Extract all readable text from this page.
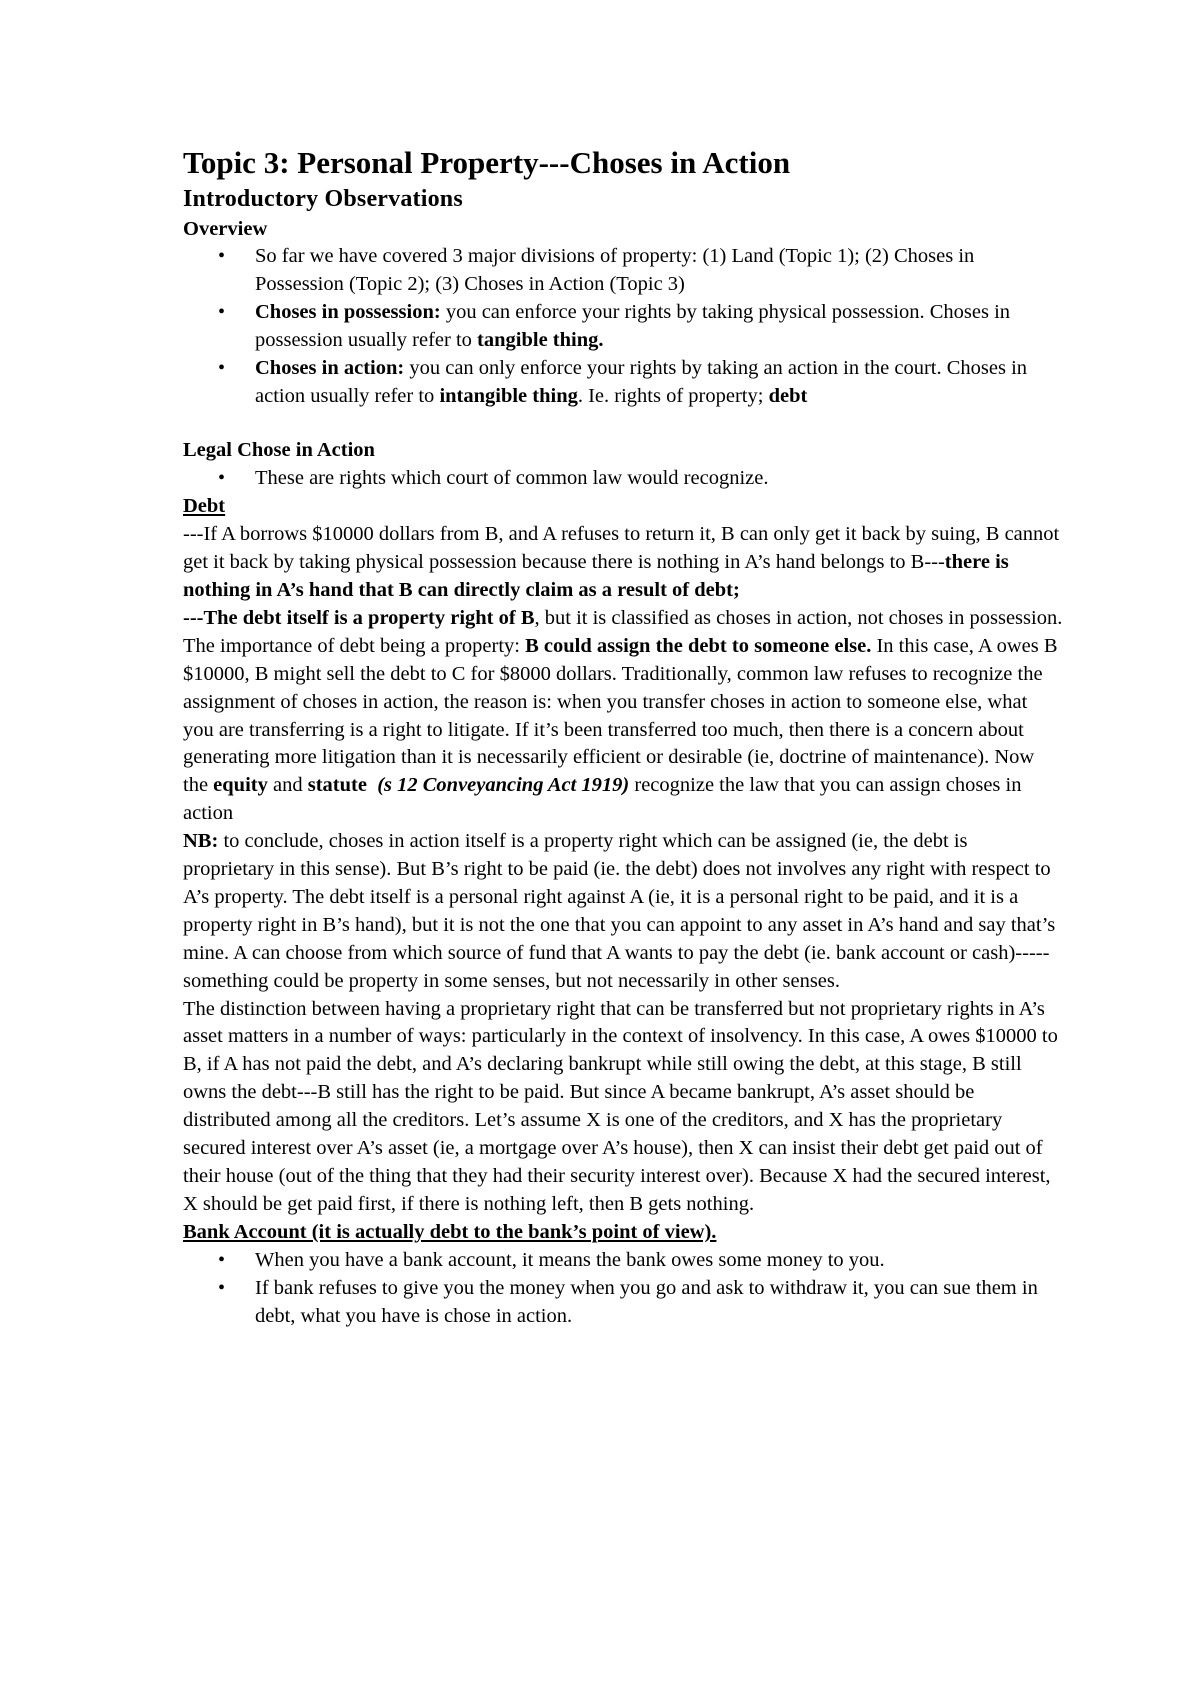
Topic 3: Personal Property---Choses in Action
Introductory Observations
Overview
• So far we have covered 3 major divisions of property: (1) Land (Topic 1); (2) Choses in Possession (Topic 2); (3) Choses in Action (Topic 3)
• Choses in possession: you can enforce your rights by taking physical possession. Choses in possession usually refer to tangible thing.
• Choses in action: you can only enforce your rights by taking an action in the court. Choses in action usually refer to intangible thing. Ie. rights of property; debt

Legal Chose in Action

• These are rights which court of common law would recognize.

Debt

---If A borrows $10000 dollars from B, and A refuses to return it, B can only get it back by suing, B cannot get it back by taking physical possession because there is nothing in A’s hand belongs to B---there is nothing in A’s hand that B can directly claim as a result of debt;

---The debt itself is a property right of B, but it is classified as choses in action, not choses in possession. The importance of debt being a property: B could assign the debt to someone else. In this case, A owes B $10000, B might sell the debt to C for $8000 dollars. Traditionally, common law refuses to recognize the assignment of choses in action, the reason is: when you transfer choses in action to someone else, what you are transferring is a right to litigate. If it’s been transferred too much, then there is a concern about generating more litigation than it is necessarily efficient or desirable (ie, doctrine of maintenance). Now the equity and statute (s 12 Conveyancing Act 1919) recognize the law that you can assign choses in action

NB: to conclude, choses in action itself is a property right which can be assigned (ie, the debt is proprietary in this sense). But B’s right to be paid (ie. the debt) does not involves any right with respect to A’s property. The debt itself is a personal right against A (ie, it is a personal right to be paid, and it is a property right in B’s hand), but it is not the one that you can appoint to any asset in A’s hand and say that’s mine. A can choose from which source of fund that A wants to pay the debt (ie. bank account or cash)-----something could be property in some senses, but not necessarily in other senses.

The distinction between having a proprietary right that can be transferred but not proprietary rights in A’s asset matters in a number of ways: particularly in the context of insolvency. In this case, A owes $10000 to B, if A has not paid the debt, and A’s declaring bankrupt while still owing the debt, at this stage, B still owns the debt---B still has the right to be paid. But since A became bankrupt, A’s asset should be distributed among all the creditors. Let’s assume X is one of the creditors, and X has the proprietary secured interest over A’s asset (ie, a mortgage over A’s house), then X can insist their debt get paid out of their house (out of the thing that they had their security interest over). Because X had the secured interest, X should be get paid first, if there is nothing left, then B gets nothing.

Bank Account (it is actually debt to the bank’s point of view).

• When you have a bank account, it means the bank owes some money to you.
• If bank refuses to give you the money when you go and ask to withdraw it, you can sue them in debt, what you have is chose in action.
